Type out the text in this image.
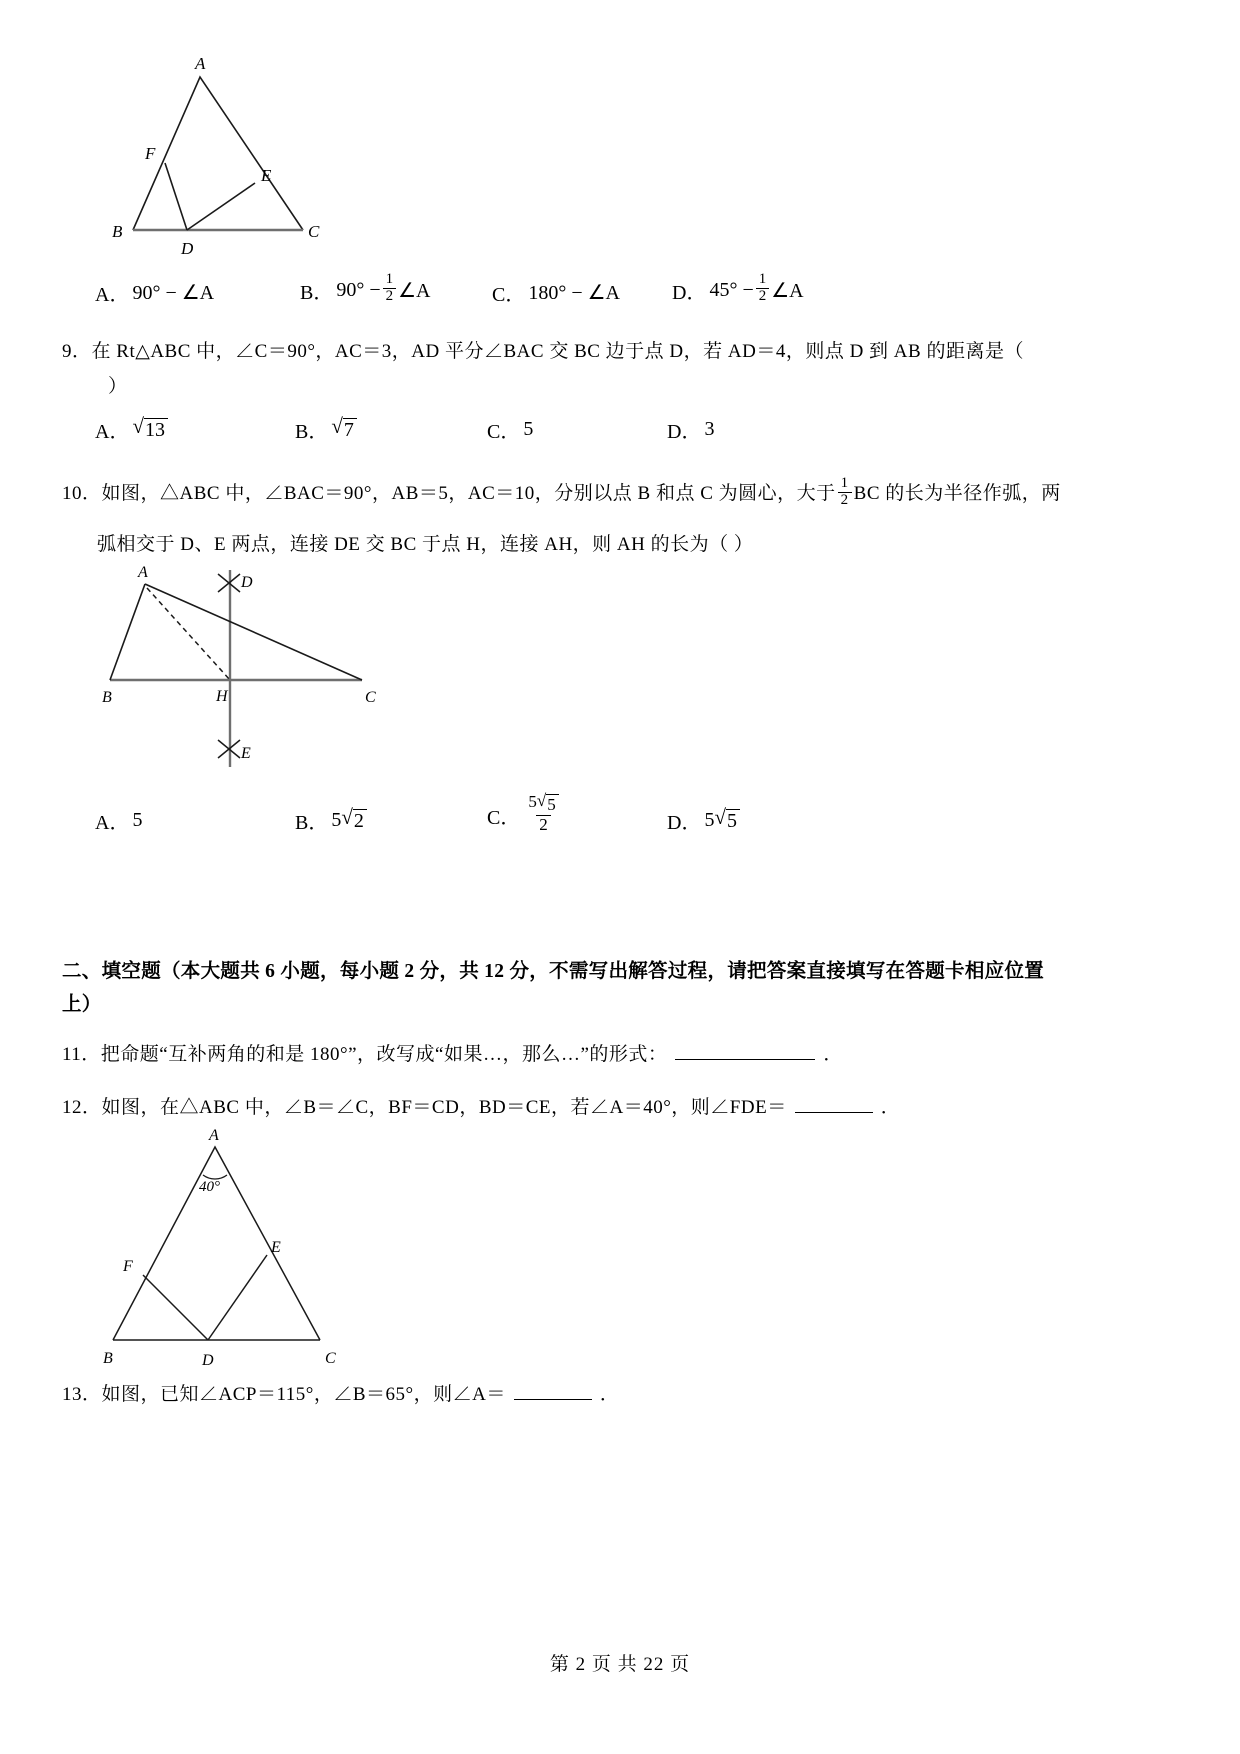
A
B	C
D
E
F
A． 90° − ∠A	B． $90^\circ - \frac{1}{2}$ ∠A	C． 180° − ∠A	D． $45^\circ - \frac{1}{2}$ ∠A
9．在 Rt△ABC 中，∠C＝90°，AC＝3，AD 平分∠BAC 交 BC 边于点 D，若 AD＝4，则点 D 到 AB 的距离是（
）
A． √ 13	B． √ 7	C． 5	D． 3
10． 如图，△ABC 中，∠BAC＝90°，AB＝5，AC＝10，分别以点 B 和点 C 为圆心，大于 $\frac{1}{2}$ BC 的长为半径作弧，两
弧相交于 D、E 两点，连接 DE 交 BC 于点 H，连接 AH，则 AH 的长为（ ）
A
B	C
D
E
H
A． 5	B． 5 √ 2	C． $\frac{5 √ 5}{2}$	D． 5 √ 5
二、填空题（本大题共 6 小题，每小题 2 分，共 12 分，不需写出解答过程，请把答案直接填写在答题卡相应位置
上）
11． 把命题“互补两角的和是 180°”，改写成“如果…，那么…”的形式：	．
12． 如图，在△ABC 中，∠B＝∠C，BF＝CD，BD＝CE，若∠A＝40°，则∠FDE＝	．
A
B	C
D
E
F
40°
13． 如图，已知∠ACP＝115°，∠B＝65°，则∠A＝	．
第 2 页 共 22 页
